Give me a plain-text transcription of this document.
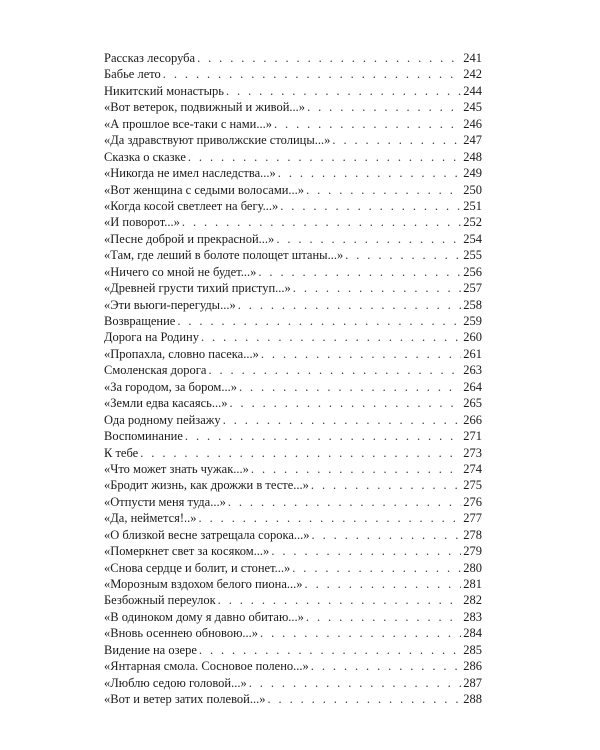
Рассказ лесоруба . . .	241
Бабье лето . . .	242
Никитский монастырь . . .	244
«Вот ветерок, подвижный и живой...» . . .	245
«А прошлое все-таки с нами...» . . .	246
«Да здравствуют приволжские столицы...» . . .	247
Сказка о сказке . . .	248
«Никогда не имел наследства...» . . .	249
«Вот женщина с седыми волосами...» . . .	250
«Когда косой светлеет на бегу...» . . .	251
«И поворот...» . . .	252
«Песне доброй и прекрасной...» . . .	254
«Там, где леший в болоте полощет штаны...» . . .	255
«Ничего со мной не будет...» . . .	256
«Древней грусти тихий приступ...» . . .	257
«Эти вьюги-перегуды...» . . .	258
Возвращение . . .	259
Дорога на Родину . . .	260
«Пропахла, словно пасека...» . . .	261
Смоленская дорога . . .	263
«За городом, за бором...» . . .	264
«Земли едва касаясь...» . . .	265
Ода родному пейзажу . . .	266
Воспоминание . . .	271
К тебе . . .	273
«Что может знать чужак...» . . .	274
«Бродит жизнь, как дрожжи в тесте...» . . .	275
«Отпусти меня туда...» . . .	276
«Да, неймется!..» . . .	277
«О близкой весне затрещала сорока...» . . .	278
«Померкнет свет за косяком...» . . .	279
«Снова сердце и болит, и стонет...» . . .	280
«Морозным вздохом белого пиона...» . . .	281
Безбожный переулок . . .	282
«В одиноком дому я давно обитаю...» . . .	283
«Вновь осеннею обновою...» . . .	284
Видение на озере . . .	285
«Янтарная смола. Сосновое полено...» . . .	286
«Люблю седою головой...» . . .	287
«Вот и ветер затих полевой...» . . .	288
